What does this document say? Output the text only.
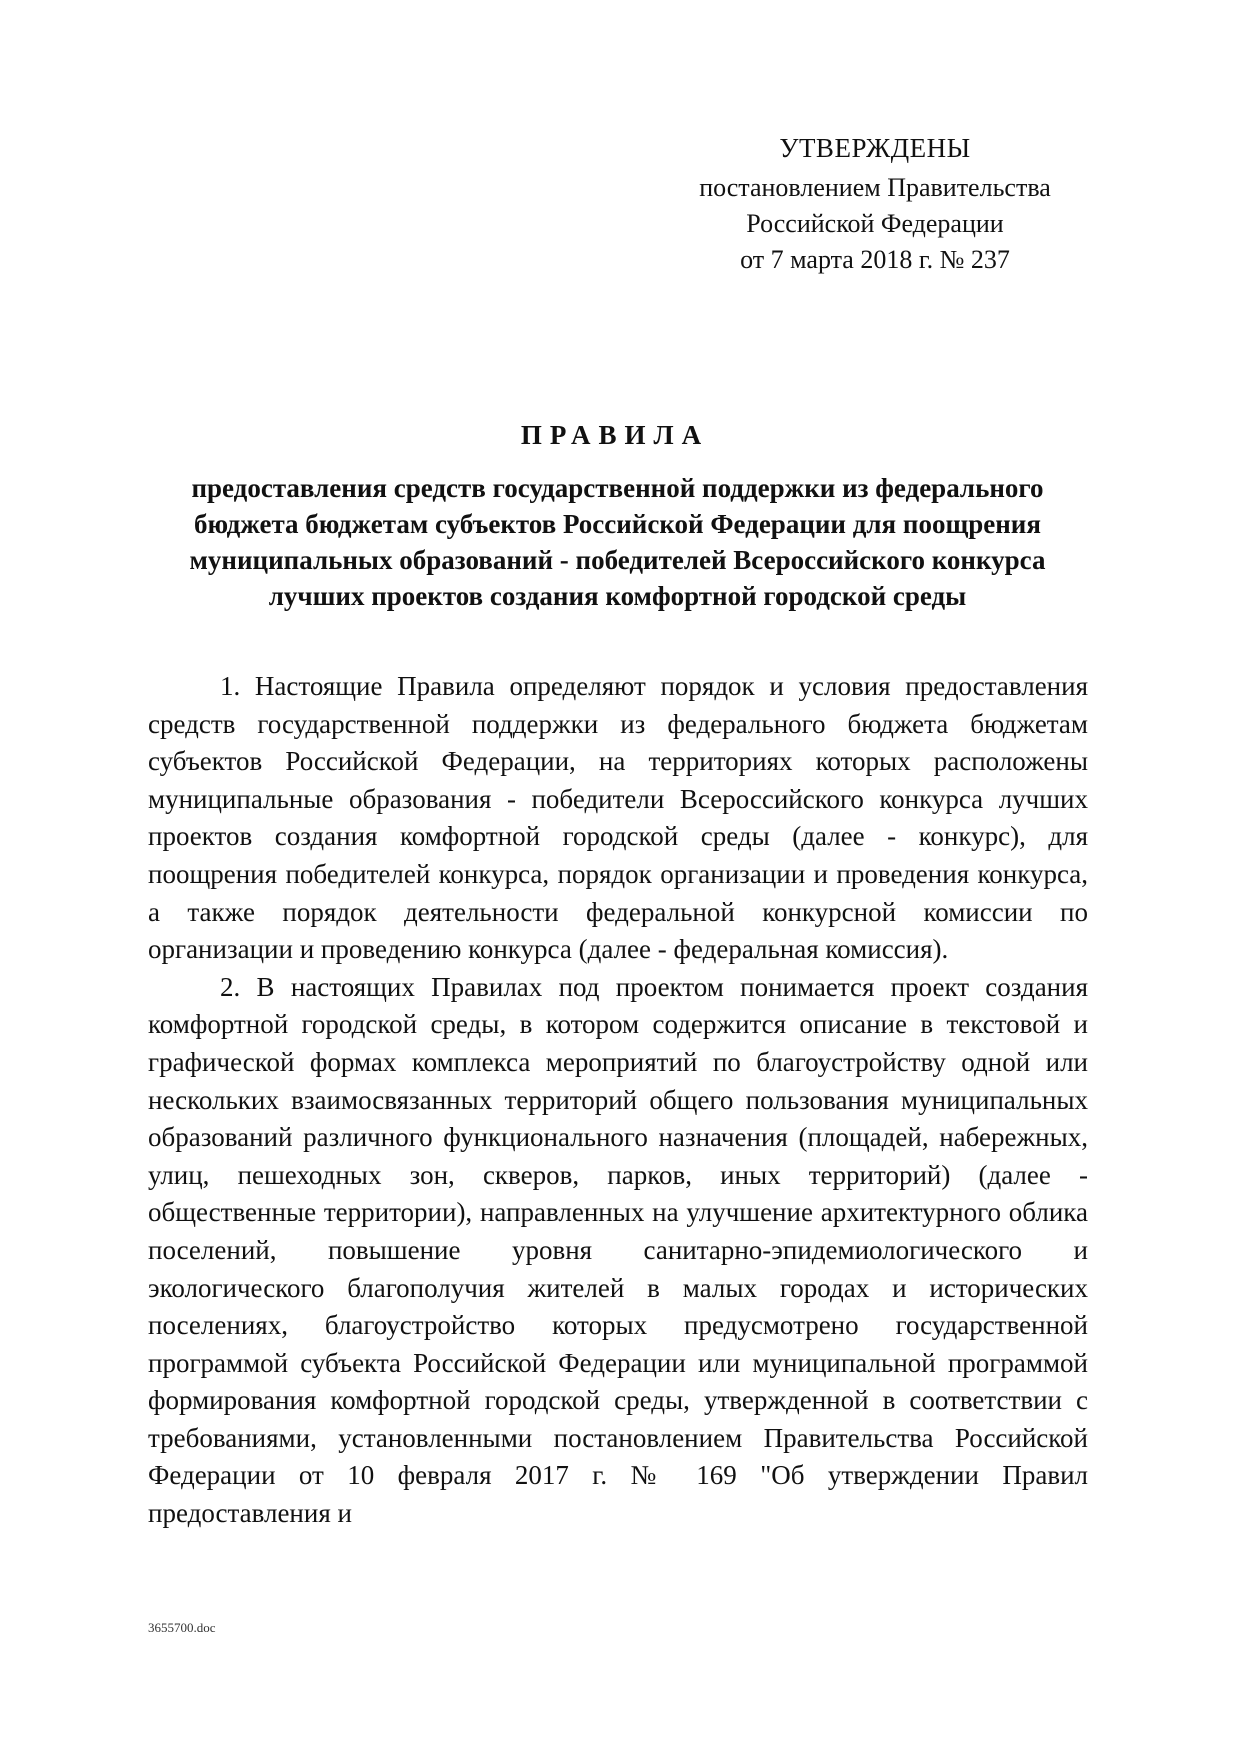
УТВЕРЖДЕНЫ
постановлением Правительства
Российской Федерации
от 7 марта 2018 г. № 237
ПРАВИЛА
предоставления средств государственной поддержки из федерального
бюджета бюджетам субъектов Российской Федерации для поощрения
муниципальных образований - победителей Всероссийского конкурса
лучших проектов создания комфортной городской среды

1. Настоящие Правила определяют порядок и условия предоставления средств государственной поддержки из федерального бюджета бюджетам субъектов Российской Федерации, на территориях которых расположены муниципальные образования - победители Всероссийского конкурса лучших проектов создания комфортной городской среды (далее - конкурс), для поощрения победителей конкурса, порядок организации и проведения конкурса, а также порядок деятельности федеральной конкурсной комиссии по организации и проведению конкурса (далее - федеральная комиссия).

2. В настоящих Правилах под проектом понимается проект создания комфортной городской среды, в котором содержится описание в текстовой и графической формах комплекса мероприятий по благоустройству одной или нескольких взаимосвязанных территорий общего пользования муниципальных образований различного функционального назначения (площадей, набережных, улиц, пешеходных зон, скверов, парков, иных территорий) (далее - общественные территории), направленных на улучшение архитектурного облика поселений, повышение уровня санитарно-эпидемиологического и экологического благополучия жителей в малых городах и исторических поселениях, благоустройство которых предусмотрено государственной программой субъекта Российской Федерации или муниципальной программой формирования комфортной городской среды, утвержденной в соответствии с требованиями, установленными постановлением Правительства Российской Федерации от 10 февраля 2017 г. № 169 "Об утверждении Правил предоставления и

3655700.doc
